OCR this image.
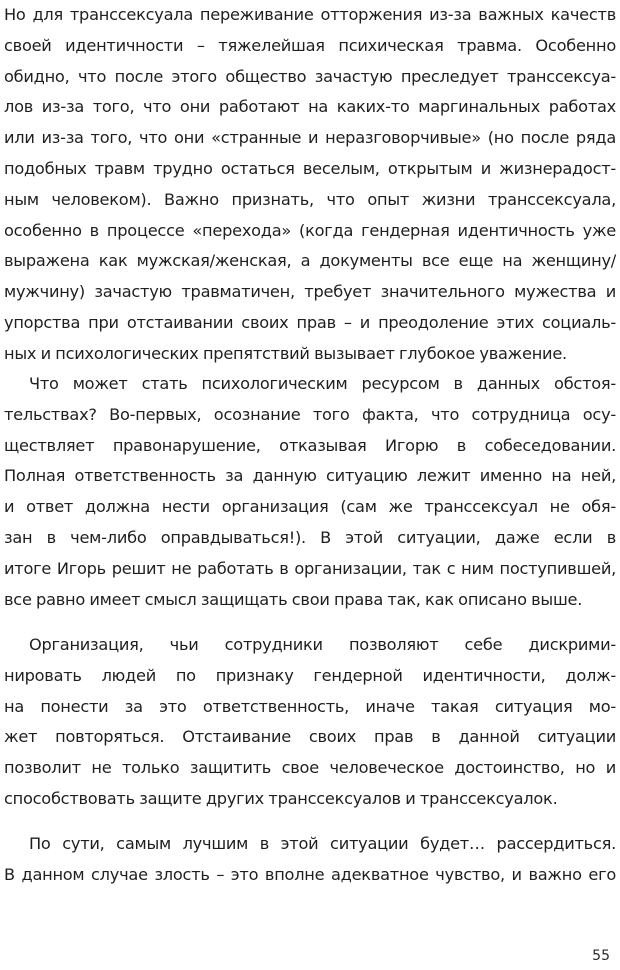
Но для транссексуала переживание отторжения из-за важных качеств
своей идентичности – тяжелейшая психическая травма. Особенно
обидно, что после этого общество зачастую преследует транссексуа-
лов из-за того, что они работают на каких-то маргинальных работах
или из-за того, что они «странные и неразговорчивые» (но после ряда
подобных травм трудно остаться веселым, открытым и жизнерадост-
ным человеком). Важно признать, что опыт жизни транссексуала,
особенно в процессе «перехода» (когда гендерная идентичность уже
выражена как мужская/женская, а документы все еще на женщину/
мужчину) зачастую травматичен, требует значительного мужества и
упорства при отстаивании своих прав – и преодоление этих социаль-
ных и психологических препятствий вызывает глубокое уважение.
Что может стать психологическим ресурсом в данных обстоя-
тельствах? Во-первых, осознание того факта, что сотрудница осу-
ществляет правонарушение, отказывая Игорю в собеседовании.
Полная ответственность за данную ситуацию лежит именно на ней,
и ответ должна нести организация (сам же транссексуал не обя-
зан в чем-либо оправдываться!). В этой ситуации, даже если в
итоге Игорь решит не работать в организации, так с ним поступившей,
все равно имеет смысл защищать свои права так, как описано выше.
Организация, чьи сотрудники позволяют себе дискрими-
нировать людей по признаку гендерной идентичности, долж-
на понести за это ответственность, иначе такая ситуация мо-
жет повторяться. Отстаивание своих прав в данной ситуации
позволит не только защитить свое человеческое достоинство, но и
способствовать защите других транссексуалов и транссексуалок.
По сути, самым лучшим в этой ситуации будет… рассердиться.
В данном случае злость – это вполне адекватное чувство, и важно его
55
